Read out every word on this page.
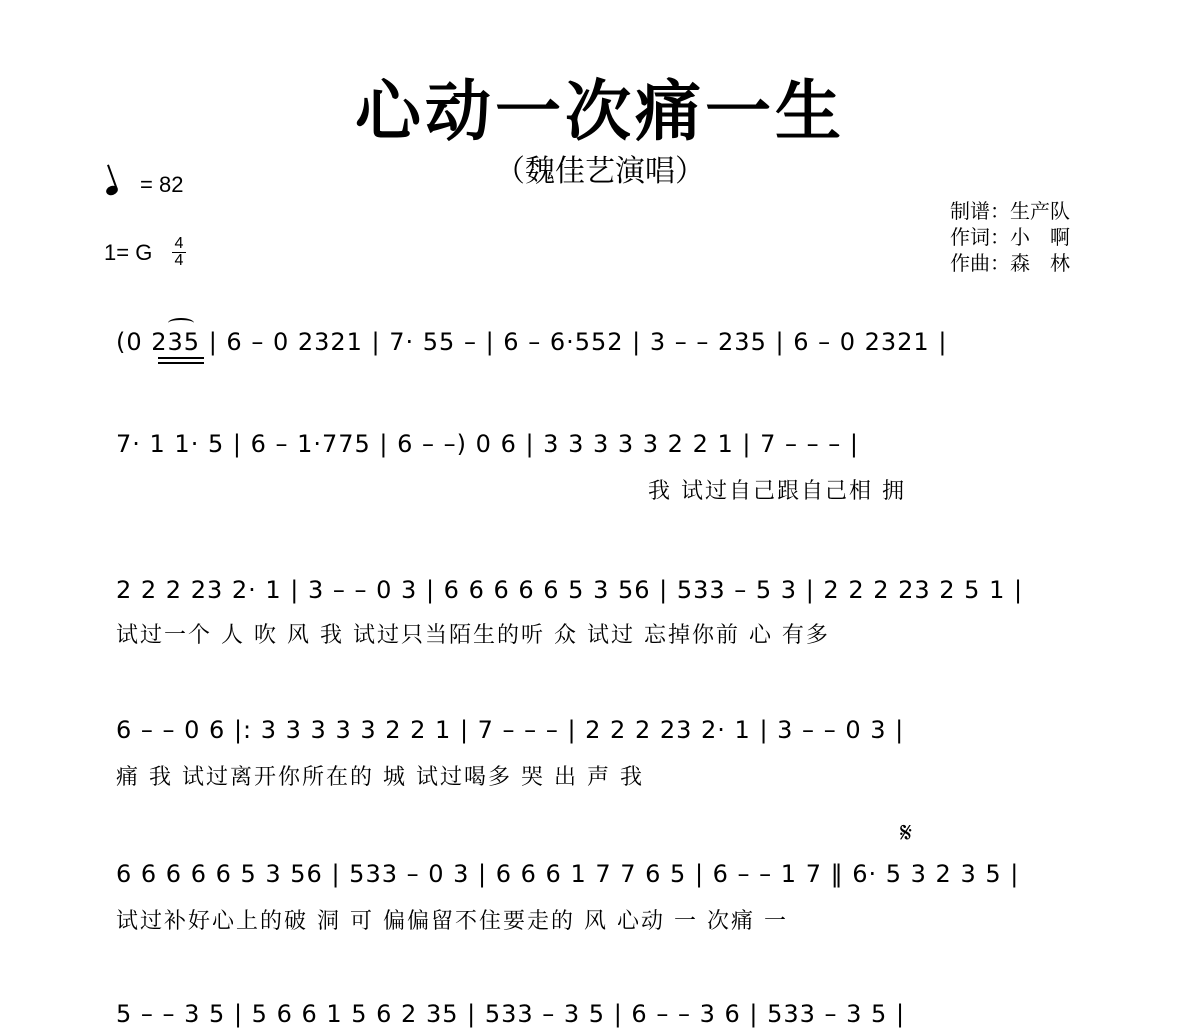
心动一次痛一生
（魏佳艺演唱）
= 82
1= G 4
4
制谱：生产队
作词：小　啊
作曲：森　林
(0 235 | 6 – 0 2321 | 7· 55 – | 6 – 6·552 | 3 – – 235 | 6 – 0 2321 |
7· 1 1· 5 | 6 – 1·775 | 6 – –) 0 6 | 3 3 3 3 3 2 2 1 | 7 – – – |
我 试过自己跟自己相 拥
2 2 2 23 2· 1 | 3 – – 0 3 | 6 6 6 6 6 5 3 56 | 533 – 5 3 | 2 2 2 23 2 5 1 |
试过一个 人 吹 风 我 试过只当陌生的听 众 试过 忘掉你前 心 有多
6 – – 0 6 |: 3 3 3 3 3 2 2 1 | 7 – – – | 2 2 2 23 2· 1 | 3 – – 0 3 |
痛 我 试过离开你所在的 城 试过喝多 哭 出 声 我
𝄋
6 6 6 6 6 5 3 56 | 533 – 0 3 | 6 6 6 1 7 7 6 5 | 6 – – 1 7 ‖ 6· 5 3 2 3 5 |
试过补好心上的破 洞 可 偏偏留不住要走的 风 心动 一 次痛 一
5 – – 3 5 | 5 6 6 1 5 6 2 35 | 533 – 3 5 | 6 – – 3 6 | 533 – 3 5 |
